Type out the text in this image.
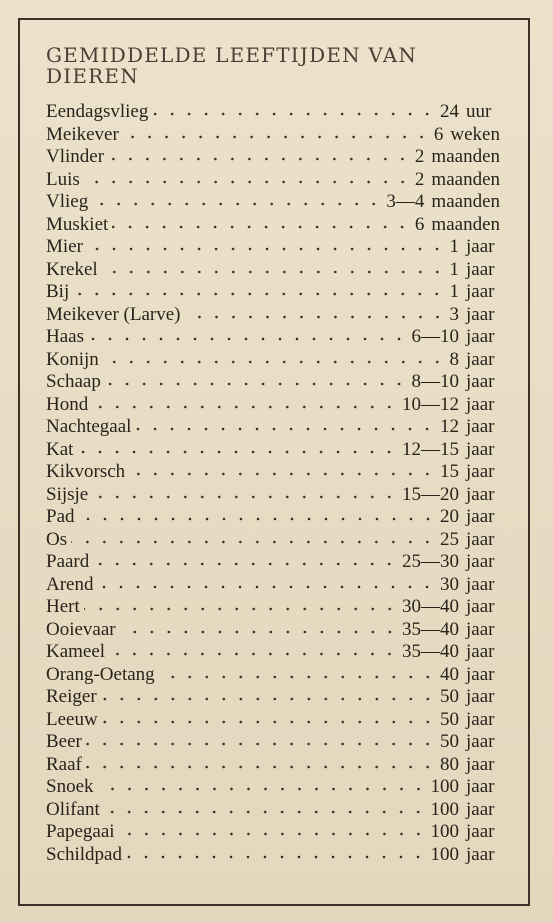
GEMIDDELDE LEEFTIJDEN VAN DIEREN
Eendagsvlieg	24 uur
Meikever	6 weken
Vlinder	2 maanden
Luis	2 maanden
Vlieg	3—4 maanden
Muskiet	6 maanden
Mier	1 jaar
Krekel	1 jaar
Bij	1 jaar
Meikever (Larve)	3 jaar
Haas	6—10 jaar
Konijn	8 jaar
Schaap	8—10 jaar
Hond	10—12 jaar
Nachtegaal	12 jaar
Kat	12—15 jaar
Kikvorsch	15 jaar
Sijsje	15—20 jaar
Pad	20 jaar
Os	25 jaar
Paard	25—30 jaar
Arend	30 jaar
Hert	30—40 jaar
Ooievaar	35—40 jaar
Kameel	35—40 jaar
Orang-Oetang	40 jaar
Reiger	50 jaar
Leeuw	50 jaar
Beer	50 jaar
Raaf	80 jaar
Snoek	100 jaar
Olifant	100 jaar
Papegaai	100 jaar
Schildpad	100 jaar
